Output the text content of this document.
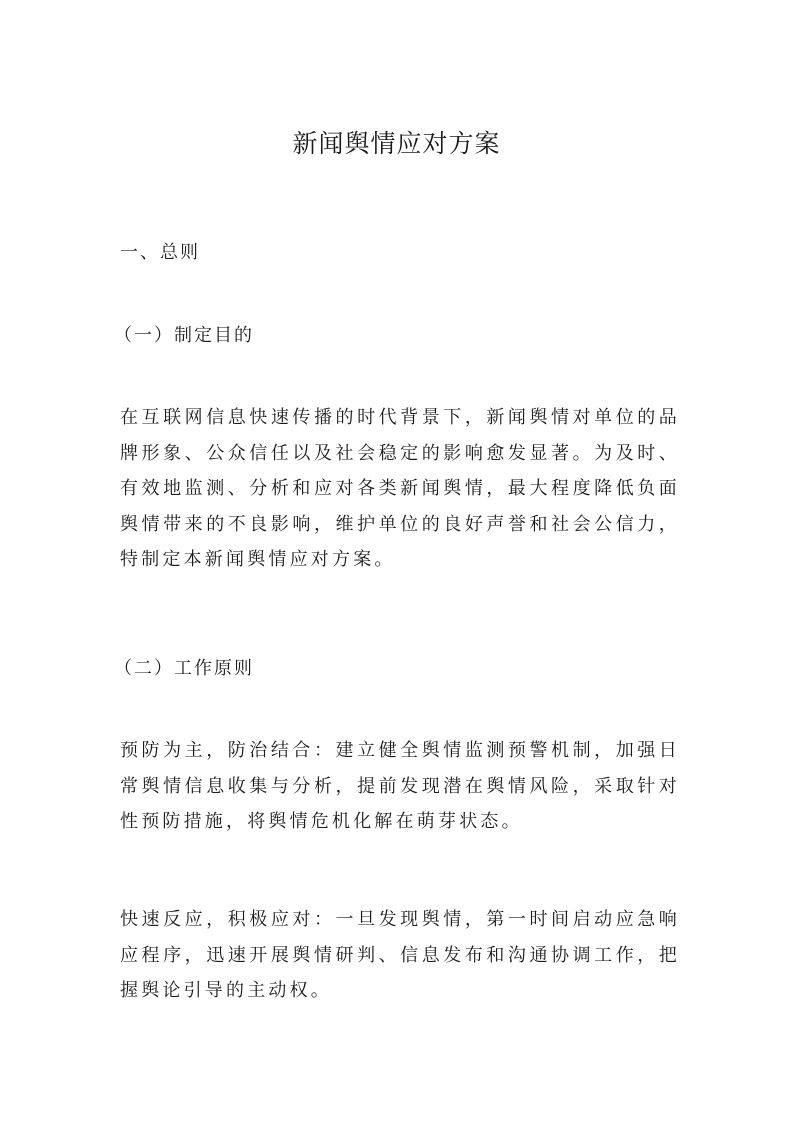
新闻舆情应对方案
一、总则
（一）制定目的

在互联网信息快速传播的时代背景下，新闻舆情对单位的品牌形象、公众信任以及社会稳定的影响愈发显著。为及时、有效地监测、分析和应对各类新闻舆情，最大程度降低负面舆情带来的不良影响，维护单位的良好声誉和社会公信力，特制定本新闻舆情应对方案。

（二）工作原则

预防为主，防治结合：建立健全舆情监测预警机制，加强日常舆情信息收集与分析，提前发现潜在舆情风险，采取针对性预防措施，将舆情危机化解在萌芽状态。

快速反应，积极应对：一旦发现舆情，第一时间启动应急响应程序，迅速开展舆情研判、信息发布和沟通协调工作，把握舆论引导的主动权。
